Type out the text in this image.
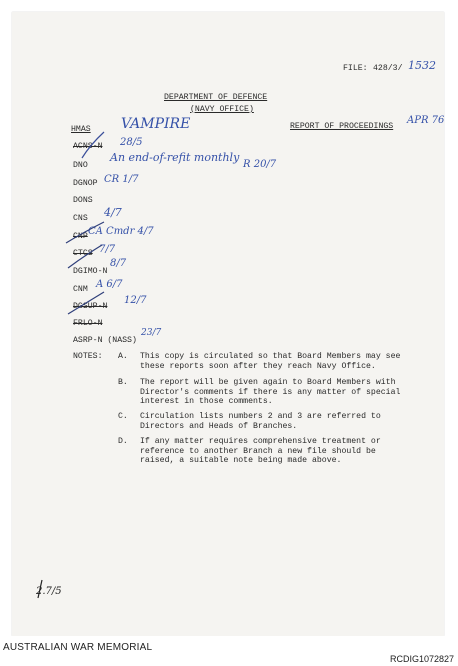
FILE: 428/3/ 1532
DEPARTMENT OF DEFENCE
(NAVY OFFICE)
HMAS VAMPIRE	REPORT OF PROCEEDINGS
APR 76
ACNS-N 28/5
DNO
An end-of-refit monthly
R 20/7
DGNOP CR 1/7
DONS
CNS 4/7
CNP CA Cmdr 4/7
CTCS 7/7
DGIMO-N
8/7
CNM A 6/7
DGSUP-N
12/7
FRLO-N
ASRP-N (NASS)
23/7
NOTES: A. This copy is circulated so that Board Members may see
these reports soon after they reach Navy Office.
B. The report will be given again to Board Members with
Director's comments if there is any matter of special
interest in those comments.
C. Circulation lists numbers 2 and 3 are referred to
Directors and Heads of Branches.
D. If any matter requires comprehensive treatment or
reference to another Branch a new file should be
raised, a suitable note being made above.
2.7/5
AUSTRALIAN WAR MEMORIAL
RCDIG1072827
